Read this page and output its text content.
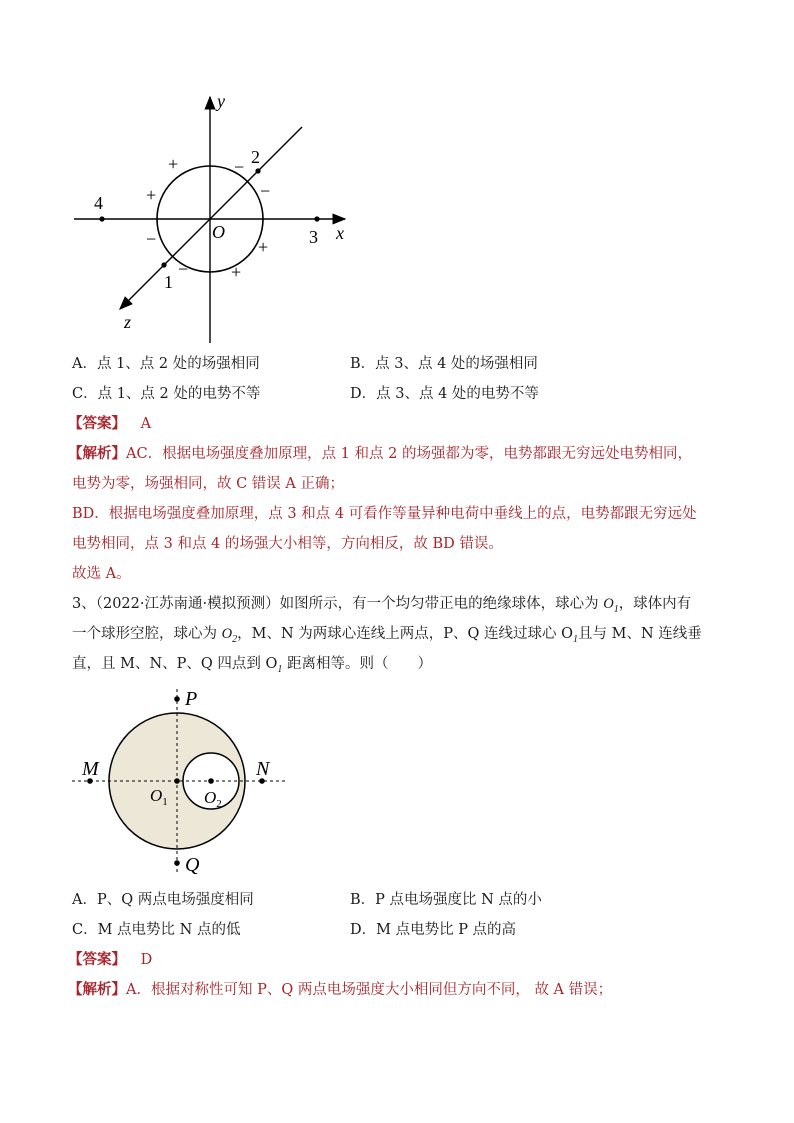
y
x
z
O
1
2
3
4
+
+
−
−
−
−
+
+
A．点 1、点 2 处的场强相同	B．点 3、点 4 处的场强相同
C．点 1、点 2 处的电势不等	D．点 3、点 4 处的电势不等
【答案】 A
【解析】AC．根据电场强度叠加原理，点 1 和点 2 的场强都为零，电势都跟无穷远处电势相同，
电势为零，场强相同，故 C 错误 A 正确；
BD．根据电场强度叠加原理，点 3 和点 4 可看作等量异种电荷中垂线上的点，电势都跟无穷远处
电势相同，点 3 和点 4 的场强大小相等，方向相反，故 BD 错误。
故选 A。
3、（2022·江苏南通·模拟预测）如图所示，有一个均匀带正电的绝缘球体，球心为 $O_1$，球体内有
一个球形空腔，球心为 $O_2$，M、N 为两球心连线上两点，P、Q 连线过球心 $O_1$且与 M、N 连线垂
直，且 M、N、P、Q 四点到 $O_1$ 距离相等。则（　　）
P
Q
M	N
$O_1$ $O_2$
A．P、Q 两点电场强度相同	B．P 点电场强度比 N 点的小
C．M 点电势比 N 点的低	D．M 点电势比 P 点的高
【答案】 D
【解析】A．根据对称性可知 P、Q 两点电场强度大小相同但方向不同， 故 A 错误；
